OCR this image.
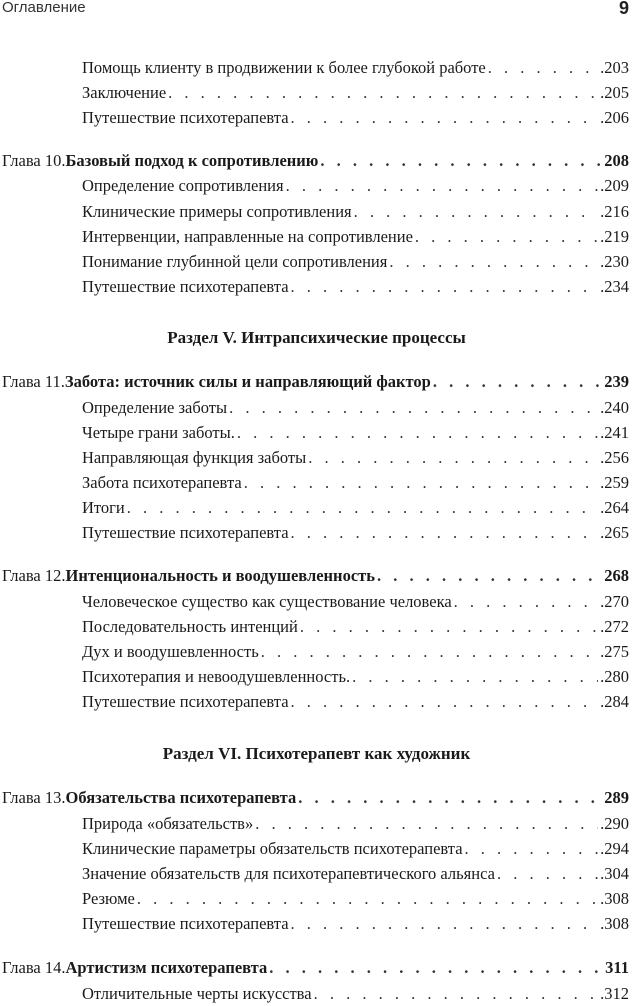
Оглавление	9
Помощь клиенту в продвижении к более глубокой работе . . .	.203
Заключение . . .	.205
Путешествие психотерапевта . . .	.206
Глава 10. Базовый подход к сопротивлению . . .	208
Определение сопротивления . . .	.209
Клинические примеры сопротивления . . .	.216
Интервенции, направленные на сопротивление . . .	.219
Понимание глубинной цели сопротивления . . .	.230
Путешествие психотерапевта . . .	.234
Раздел V. Интрапсихические процессы
Глава 11. Забота: источник силы и направляющий фактор . . .	239
Определение заботы . . .	.240
Четыре грани заботы. . . .	.241
Направляющая функция заботы . . .	.256
Забота психотерапевта . . .	.259
Итоги . . .	.264
Путешествие психотерапевта . . .	.265
Глава 12. Интенциональность и воодушевленность . . .	268
Человеческое существо как существование человека . . .	.270
Последовательность интенций . . .	.272
Дух и воодушевленность . . .	.275
Психотерапия и невоодушевленность. . . .	.280
Путешествие психотерапевта . . .	.284
Раздел VI. Психотерапевт как художник
Глава 13. Обязательства психотерапевта . . .	289
Природа «обязательств» . . .	.290
Клинические параметры обязательств психотерапевта . . .	.294
Значение обязательств для психотерапевтического альянса . . .	.304
Резюме . . .	.308
Путешествие психотерапевта . . .	.308
Глава 14. Артистизм психотерапевта . . .	311
Отличительные черты искусства . . .	.312
